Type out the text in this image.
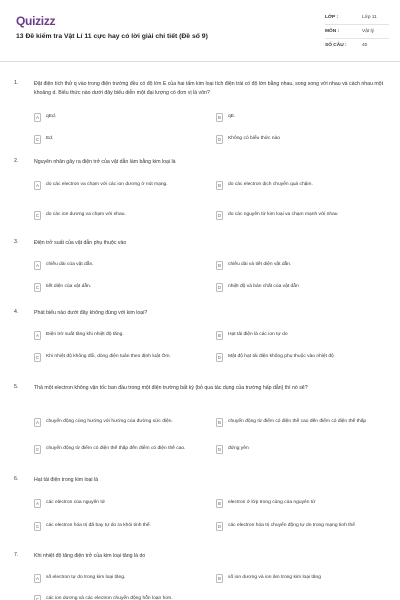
Quizizz
13 Đề kiểm tra Vật Lí 11 cực hay có lời giải chi tiết (Đề số 9)
LỚP :	Lớp 11
MÔN :	Vật lý
SỐ CÂU :	40
1.	Đặt điện tích thử q vào trong điện trường đều có độ lớn E của hai tấm kim loại tích điện trái có độ lớn bằng nhau, song song với nhau và cách nhau một khoảng d. Biểu thức nào dưới đây biểu diễn một đại lượng có đơn vị là vôn?
A	qEd.	B	qE.
C	Ed.	D	Không có biểu thức nào
2.	Nguyên nhân gây ra điện trở của vật dẫn làm bằng kim loại là
A	do các electron va chạm với các ion dương ở nút mạng.	B	do các electron dịch chuyển quá chậm.
C	do các ion dương va chạm với nhau.	D	do các nguyên tử kim loại va chạm mạnh với nhau
3.	Điện trở suất của vật dẫn phụ thuộc vào
A	chiều dài của vật dẫn.	B	chiều dài và tiết diện vật dẫn.
C	tiết diện của vật dẫn.	D	nhiệt độ và bản chất của vật dẫn
4.	Phát biểu nào dưới đây không đúng với kim loại?
A	Điện trở suất tăng khi nhiệt độ tăng.	B	Hạt tải điện là các ion tự do
C	Khi nhiệt độ không đổi, dòng điện tuân theo định luật Ôm.	D	Mật độ hạt tải điện không phụ thuộc vào nhiệt độ
5.	Thả một electron không vận tốc ban đầu trong một điện trường bất kỳ (bỏ qua tác dụng của trường hấp dẫn) thì nó sẽ?
A	chuyển động cùng hướng với hướng của đường sức điện.	B	chuyển động từ điểm có điện thế cao đến điểm có điện thế thấp
C	chuyển động từ điểm có điện thế thấp đến điểm có điện thế cao.	D	đứng yên
6.	Hạt tải điện trong kim loại là
A	các electron của nguyên tử	B	electron ở lớp trong cùng của nguyên tử
C	các electron hóa trị đã bay tự do ra khỏi tinh thể.	D	các electron hóa trị chuyển động tự do trong mạng tinh thể
7.	Khi nhiệt độ tăng điện trở của kim loại tăng là do
A	số electron tự do trong kim loại tăng.	B	số ion dương và ion âm trong kim loại tăng
C	các ion dương và các electron chuyển động hỗn loạn hơn.
